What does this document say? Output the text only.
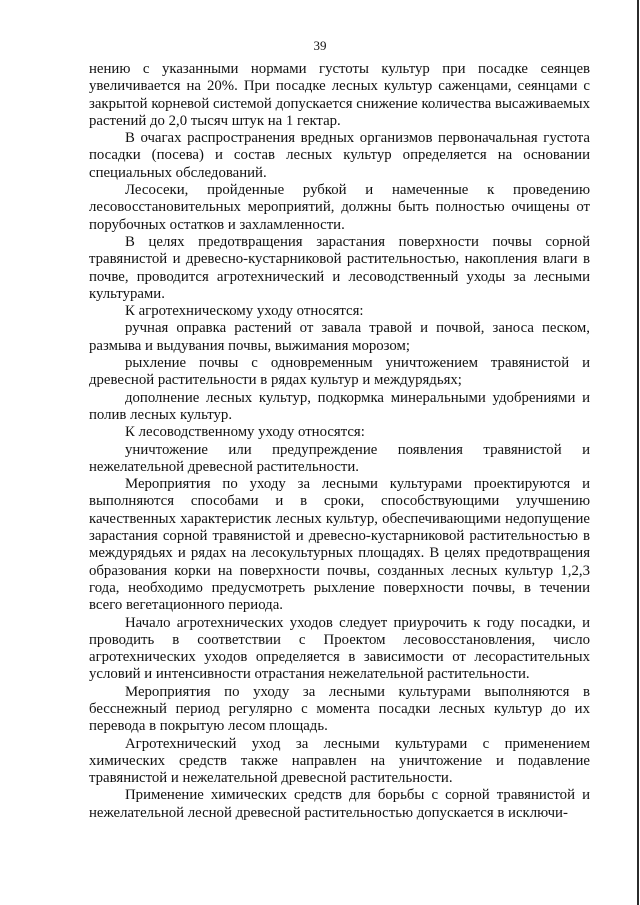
39

нению с указанными нормами густоты культур при посадке сеянцев увеличивается на 20%. При посадке лесных культур саженцами, сеянцами с закрытой корневой системой допускается снижение количества высаживаемых растений до 2,0 тысяч штук на 1 гектар.

В очагах распространения вредных организмов первоначальная густота посадки (посева) и состав лесных культур определяется на основании специальных обследований.

Лесосеки, пройденные рубкой и намеченные к проведению лесовосстановительных мероприятий, должны быть полностью очищены от порубочных остатков и захламленности.

В целях предотвращения зарастания поверхности почвы сорной травянистой и древесно-кустарниковой растительностью, накопления влаги в почве, проводится агротехнический и лесоводственный уходы за лесными культурами.

К агротехническому уходу относятся:

ручная оправка растений от завала травой и почвой, заноса песком, размыва и выдувания почвы, выжимания морозом;

рыхление почвы с одновременным уничтожением травянистой и древесной растительности в рядах культур и междурядьях;

дополнение лесных культур, подкормка минеральными удобрениями и полив лесных культур.

К лесоводственному уходу относятся:

уничтожение или предупреждение появления травянистой и нежелательной древесной растительности.

Мероприятия по уходу за лесными культурами проектируются и выполняются способами и в сроки, способствующими улучшению качественных характеристик лесных культур, обеспечивающими недопущение зарастания сорной травянистой и древесно-кустарниковой растительностью в междурядьях и рядах на лесокультурных площадях. В целях предотвращения образования корки на поверхности почвы, созданных лесных культур 1,2,3 года, необходимо предусмотреть рыхление поверхности почвы, в течении всего вегетационного периода.

Начало агротехнических уходов следует приурочить к году посадки, и проводить в соответствии с Проектом лесовосстановления, число агротехнических уходов определяется в зависимости от лесорастительных условий и интенсивности отрастания нежелательной растительности.

Мероприятия по уходу за лесными культурами выполняются в бесснежный период регулярно с момента посадки лесных культур до их перевода в покрытую лесом площадь.

Агротехнический уход за лесными культурами с применением химических средств также направлен на уничтожение и подавление травянистой и нежелательной древесной растительности.

Применение химических средств для борьбы с сорной травянистой и нежелательной лесной древесной растительностью допускается в исключи-
